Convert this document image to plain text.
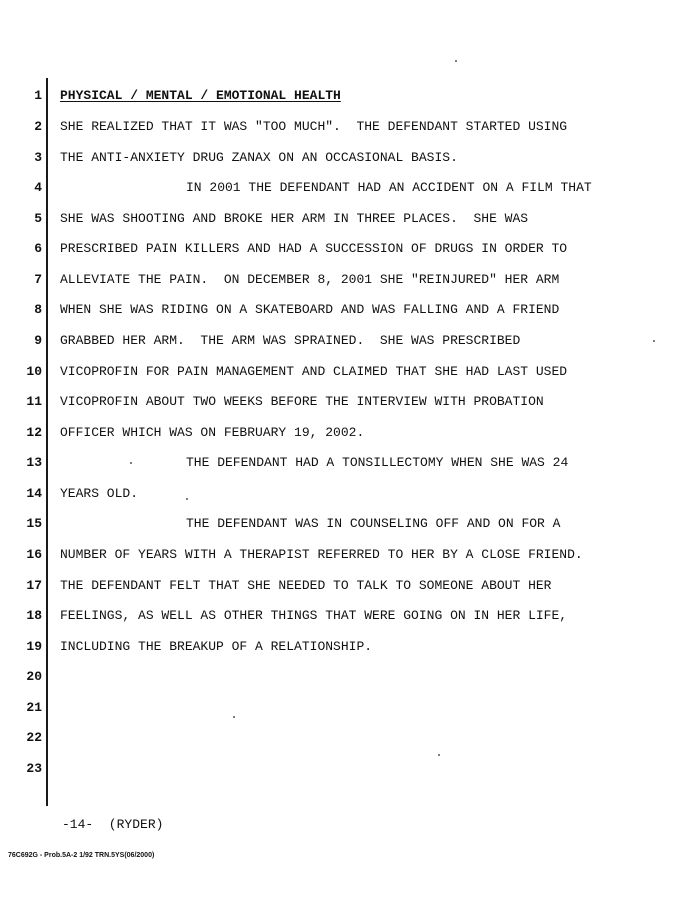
1
2
3
4
5
6
7
8
9
10
11
12
13
14
15
16
17
18
19
20
21
22
23
PHYSICAL / MENTAL / EMOTIONAL HEALTH
SHE REALIZED THAT IT WAS "TOO MUCH".  THE DEFENDANT STARTED USING
THE ANTI-ANXIETY DRUG ZANAX ON AN OCCASIONAL BASIS.
IN 2001 THE DEFENDANT HAD AN ACCIDENT ON A FILM THAT
SHE WAS SHOOTING AND BROKE HER ARM IN THREE PLACES.  SHE WAS
PRESCRIBED PAIN KILLERS AND HAD A SUCCESSION OF DRUGS IN ORDER TO
ALLEVIATE THE PAIN.  ON DECEMBER 8, 2001 SHE "REINJURED" HER ARM
WHEN SHE WAS RIDING ON A SKATEBOARD AND WAS FALLING AND A FRIEND
GRABBED HER ARM.  THE ARM WAS SPRAINED.  SHE WAS PRESCRIBED
VICOPROFIN FOR PAIN MANAGEMENT AND CLAIMED THAT SHE HAD LAST USED
VICOPROFIN ABOUT TWO WEEKS BEFORE THE INTERVIEW WITH PROBATION
OFFICER WHICH WAS ON FEBRUARY 19, 2002.
THE DEFENDANT HAD A TONSILLECTOMY WHEN SHE WAS 24
YEARS OLD.
THE DEFENDANT WAS IN COUNSELING OFF AND ON FOR A
NUMBER OF YEARS WITH A THERAPIST REFERRED TO HER BY A CLOSE FRIEND.
THE DEFENDANT FELT THAT SHE NEEDED TO TALK TO SOMEONE ABOUT HER
FEELINGS, AS WELL AS OTHER THINGS THAT WERE GOING ON IN HER LIFE,
INCLUDING THE BREAKUP OF A RELATIONSHIP.
-14-  (RYDER)
76C692G - Prob.5A-2 1/92 TRN.5YS(06/2000)
